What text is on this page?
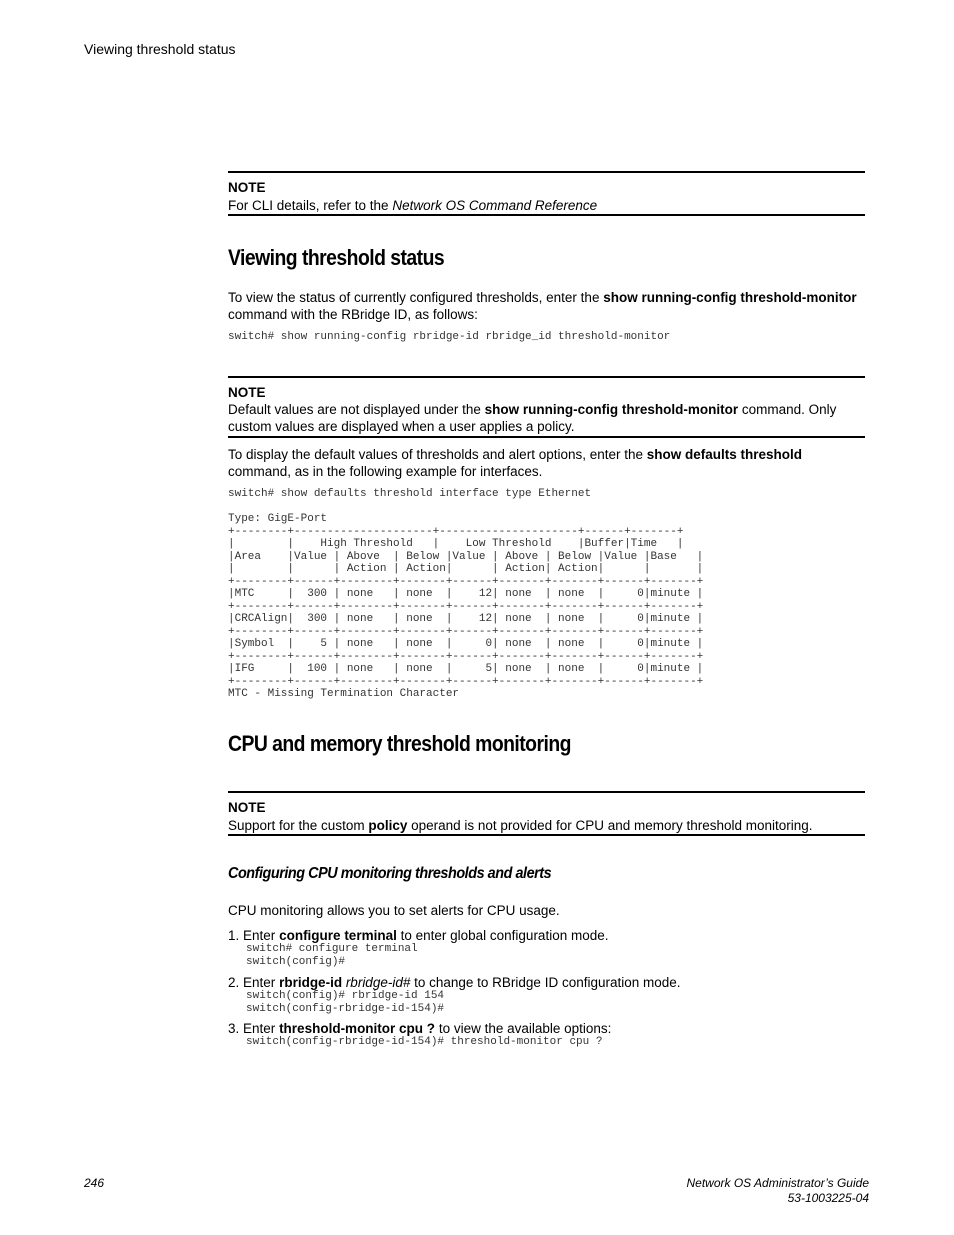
Viewing threshold status
NOTE
For CLI details, refer to the Network OS Command Reference
Viewing threshold status
To view the status of currently configured thresholds, enter the show running-config threshold-monitor command with the RBridge ID, as follows:
switch# show running-config rbridge-id rbridge_id threshold-monitor
NOTE
Default values are not displayed under the show running-config threshold-monitor command. Only custom values are displayed when a user applies a policy.
To display the default values of thresholds and alert options, enter the show defaults threshold command, as in the following example for interfaces.
switch# show defaults threshold interface type Ethernet
Type: GigE-Port
+--------+---------------------+---------------------+------+-------+
|        |    High Threshold   |    Low Threshold    |Buffer|Time   |
|Area    |Value | Above  | Below |Value | Above | Below |Value |Base   |
|        |      | Action | Action|      | Action| Action|      |       |
+--------+------+--------+-------+------+-------+-------+------+-------+
|MTC     |  300 | none   | none  |    12| none  | none  |     0|minute |
+--------+------+--------+-------+------+-------+-------+------+-------+
|CRCAlign|  300 | none   | none  |    12| none  | none  |     0|minute |
+--------+------+--------+-------+------+-------+-------+------+-------+
|Symbol  |    5 | none   | none  |     0| none  | none  |     0|minute |
+--------+------+--------+-------+------+-------+-------+------+-------+
|IFG     |  100 | none   | none  |     5| none  | none  |     0|minute |
+--------+------+--------+-------+------+-------+-------+------+-------+
MTC - Missing Termination Character
CPU and memory threshold monitoring
NOTE
Support for the custom policy operand is not provided for CPU and memory threshold monitoring.
Configuring CPU monitoring thresholds and alerts
CPU monitoring allows you to set alerts for CPU usage.
1. Enter configure terminal to enter global configuration mode.
switch# configure terminal
switch(config)#
2. Enter rbridge-id rbridge-id# to change to RBridge ID configuration mode.
switch(config)# rbridge-id 154
switch(config-rbridge-id-154)#
3. Enter threshold-monitor cpu ? to view the available options:
switch(config-rbridge-id-154)# threshold-monitor cpu ?
246	Network OS Administrator’s Guide
53-1003225-04
